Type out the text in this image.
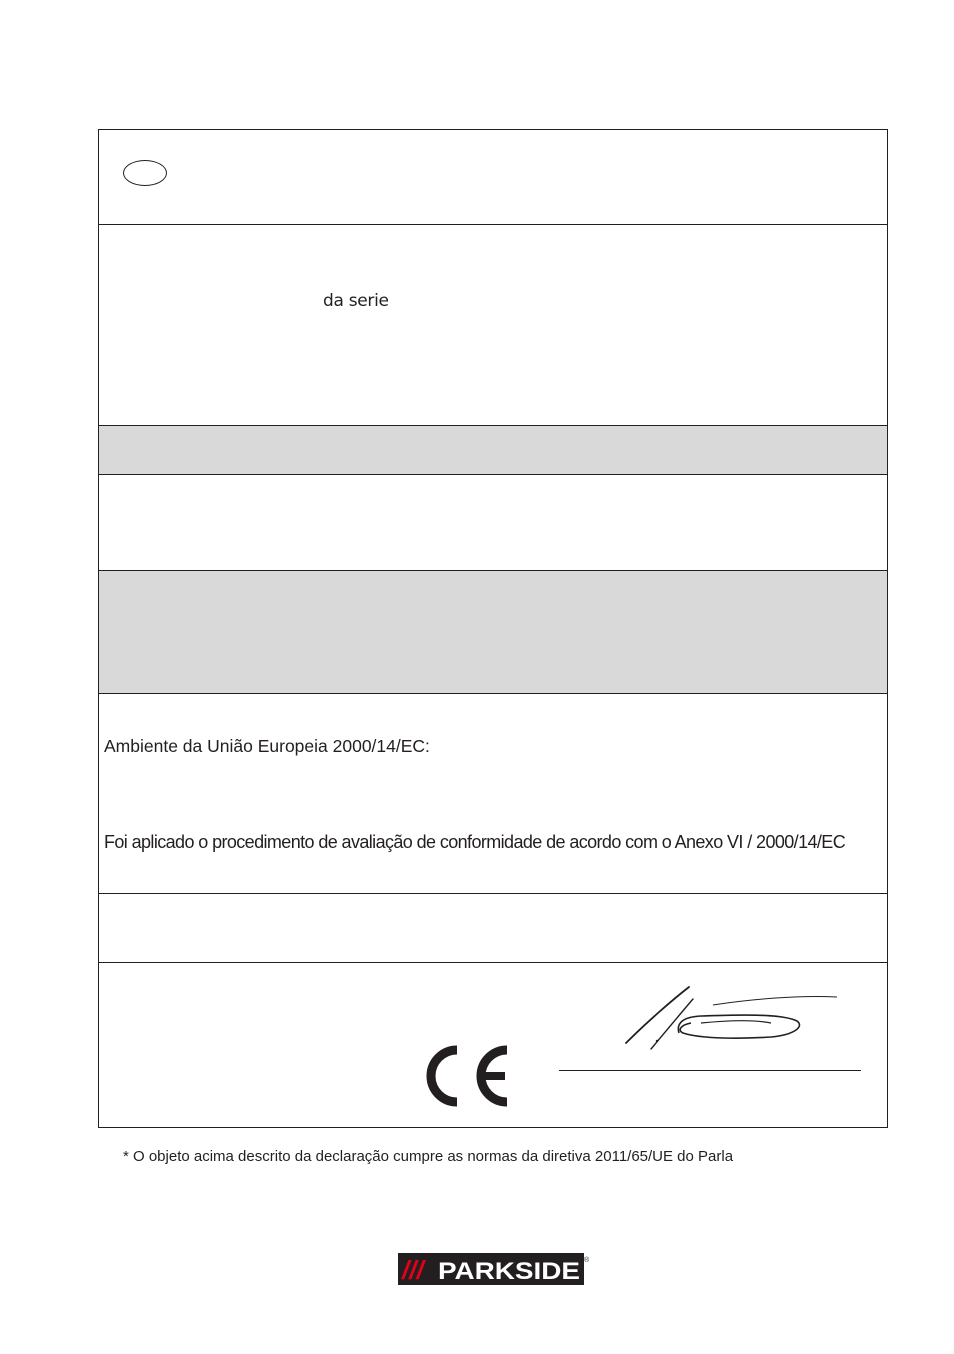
da serie
Ambiente da União Europeia 2000/14/EC:
Foi aplicado o procedimento de avaliação de conformidade de acordo com o Anexo VI / 2000/14/EC
* O objeto acima descrito da declaração cumpre as normas da diretiva 2011/65/UE do Parla
/// PARKSIDE ®
